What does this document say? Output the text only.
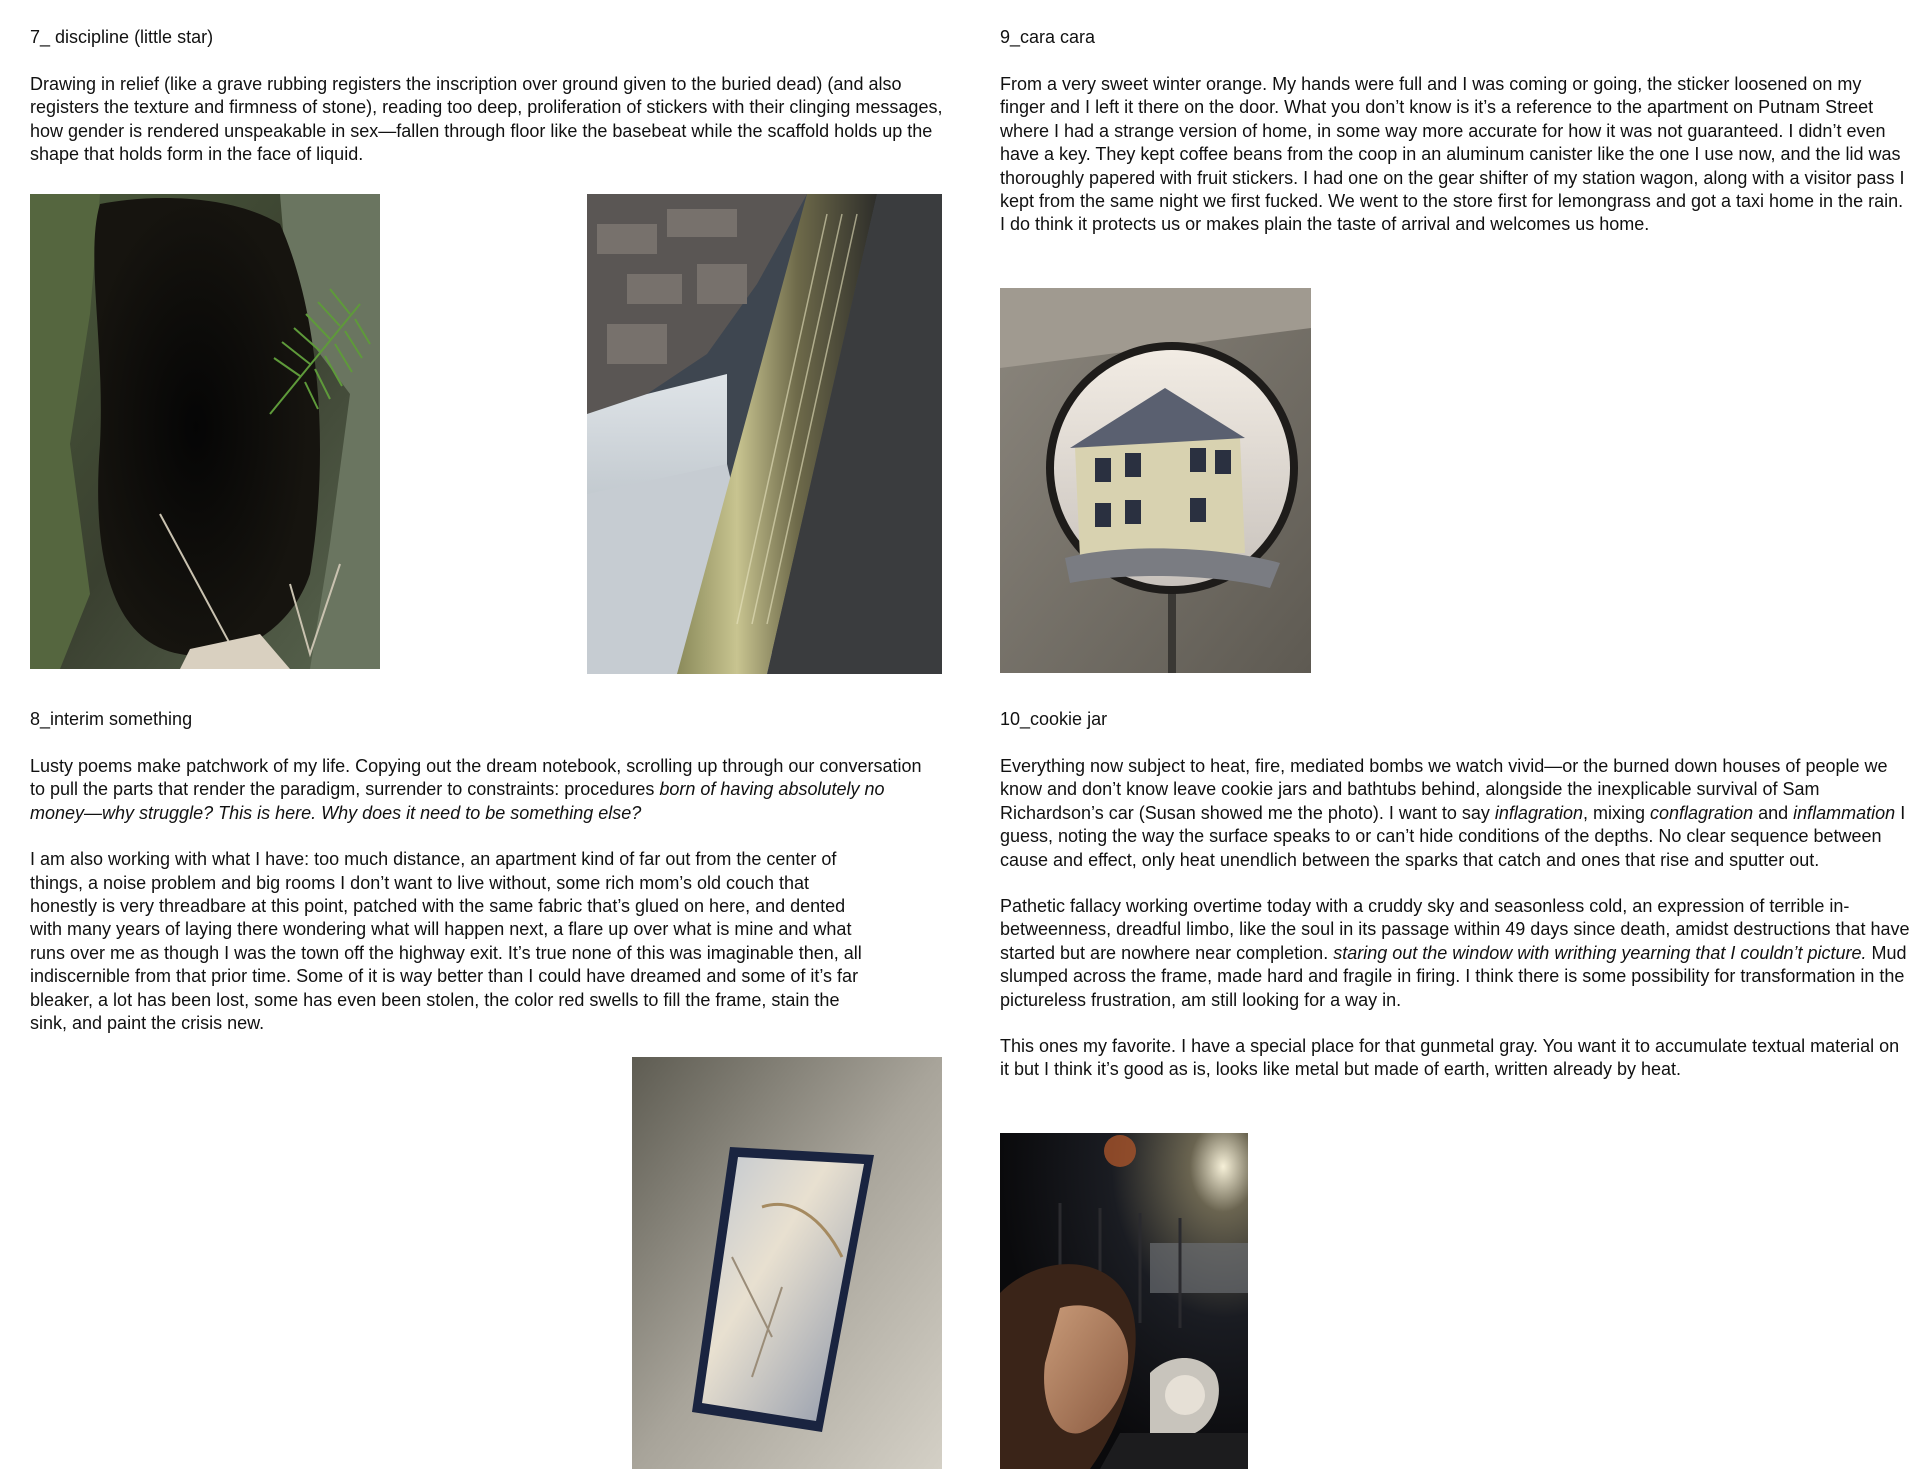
7_ discipline (little star)
Drawing in relief (like a grave rubbing registers the inscription over ground given to the buried dead) (and also registers the texture and firmness of stone), reading too deep, proliferation of stickers with their clinging messages, how gender is rendered unspeakable in sex—fallen through floor like the basebeat while the scaffold holds up the shape that holds form in the face of liquid.
8_interim something
Lusty poems make patchwork of my life. Copying out the dream notebook, scrolling up through our conversation to pull the parts that render the paradigm, surrender to constraints: procedures born of having absolutely no money—why struggle? This is here. Why does it need to be something else?
I am also working with what I have: too much distance, an apartment kind of far out from the center of things, a noise problem and big rooms I don’t want to live without, some rich mom’s old couch that honestly is very threadbare at this point, patched with the same fabric that’s glued on here, and dented with many years of laying there wondering what will happen next, a flare up over what is mine and what runs over me as though I was the town off the highway exit. It’s true none of this was imaginable then, all indiscernible from that prior time. Some of it is way better than I could have dreamed and some of it’s far bleaker, a lot has been lost, some has even been stolen, the color red swells to fill the frame, stain the sink, and paint the crisis new.
9_cara cara
From a very sweet winter orange. My hands were full and I was coming or going, the sticker loosened on my finger and I left it there on the door. What you don’t know is it’s a reference to the apartment on Putnam Street where I had a strange version of home, in some way more accurate for how it was not guaranteed. I didn’t even have a key. They kept coffee beans from the coop in an aluminum canister like the one I use now, and the lid was thoroughly papered with fruit stickers. I had one on the gear shifter of my station wagon, along with a visitor pass I kept from the same night we first fucked. We went to the store first for lemongrass and got a taxi home in the rain. I do think it protects us or makes plain the taste of arrival and welcomes us home.
10_cookie jar
Everything now subject to heat, fire, mediated bombs we watch vivid—or the burned down houses of people we know and don’t know leave cookie jars and bathtubs behind, alongside the inexplicable survival of Sam Richardson’s car (Susan showed me the photo). I want to say inflagration, mixing conflagration and inflammation I guess, noting the way the surface speaks to or can’t hide conditions of the depths. No clear sequence between cause and effect, only heat unendlich between the sparks that catch and ones that rise and sputter out.
Pathetic fallacy working overtime today with a cruddy sky and seasonless cold, an expression of terrible in-betweenness, dreadful limbo, like the soul in its passage within 49 days since death, amidst destructions that have started but are nowhere near completion. staring out the window with writhing yearning that I couldn’t picture. Mud slumped across the frame, made hard and fragile in firing. I think there is some possibility for transformation in the pictureless frustration, am still looking for a way in.
This ones my favorite. I have a special place for that gunmetal gray. You want it to accumulate textual material on it but I think it’s good as is, looks like metal but made of earth, written already by heat.
